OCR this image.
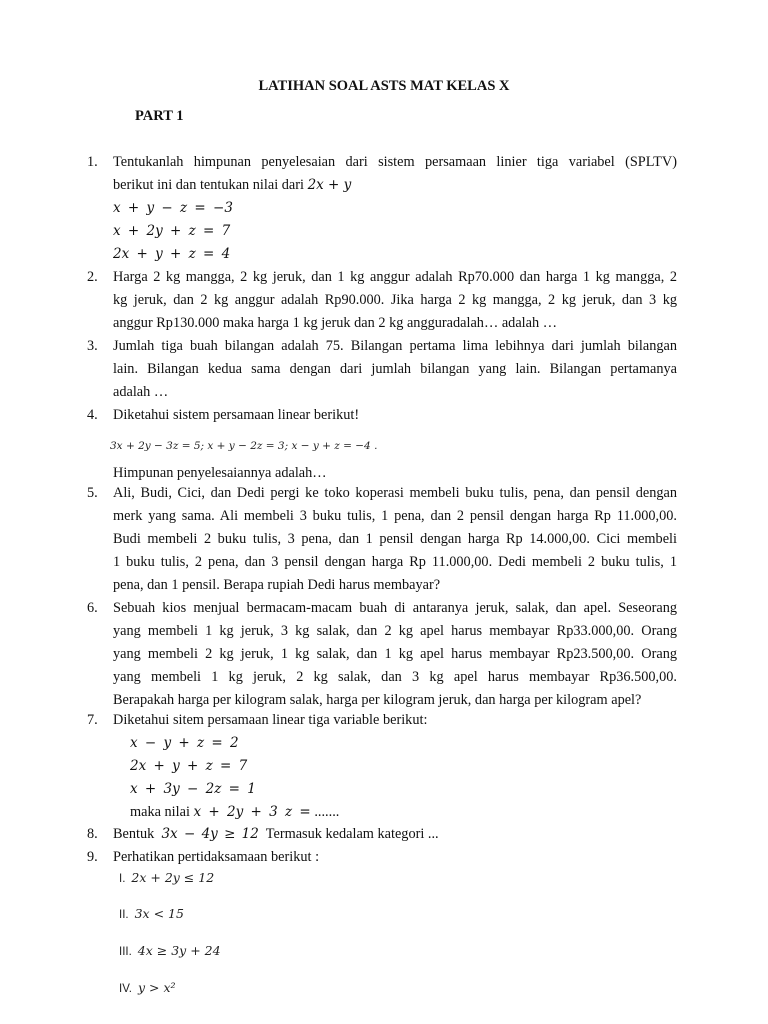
LATIHAN SOAL ASTS MAT KELAS X
PART 1
1.	Tentukanlah himpunan penyelesaian dari sistem persamaan linier tiga variabel (SPLTV)
berikut ini dan tentukan nilai dari 2x + y
x + y − z = −3
x + 2y + z = 7
2x + y + z = 4
2.	Harga 2 kg mangga, 2 kg jeruk, dan 1 kg anggur adalah Rp70.000 dan harga 1 kg mangga, 2
kg jeruk, dan 2 kg anggur adalah Rp90.000. Jika harga 2 kg mangga, 2 kg jeruk, dan 3 kg
anggur Rp130.000 maka harga 1 kg jeruk dan 2 kg angguradalah… adalah …
3.	Jumlah tiga buah bilangan adalah 75. Bilangan pertama lima lebihnya dari jumlah bilangan
lain. Bilangan kedua sama dengan dari jumlah bilangan yang lain. Bilangan pertamanya
adalah …
4.	Diketahui sistem persamaan linear berikut!
3x + 2y − 3z = 5; x + y − 2z = 3; x − y + z = −4 .
Himpunan penyelesaiannya adalah…
5.	Ali, Budi, Cici, dan Dedi pergi ke toko koperasi membeli buku tulis, pena, dan pensil dengan
merk yang sama. Ali membeli 3 buku tulis, 1 pena, dan 2 pensil dengan harga Rp 11.000,00.
Budi membeli 2 buku tulis, 3 pena, dan 1 pensil dengan harga Rp 14.000,00. Cici membeli
1 buku tulis, 2 pena, dan 3 pensil dengan harga Rp 11.000,00. Dedi membeli 2 buku tulis, 1
pena, dan 1 pensil. Berapa rupiah Dedi harus membayar?
6.	Sebuah kios menjual bermacam-macam buah di antaranya jeruk, salak, dan apel. Seseorang
yang membeli 1 kg jeruk, 3 kg salak, dan 2 kg apel harus membayar Rp33.000,00. Orang
yang membeli 2 kg jeruk, 1 kg salak, dan 1 kg apel harus membayar Rp23.500,00. Orang
yang membeli 1 kg jeruk, 2 kg salak, dan 3 kg apel harus membayar Rp36.500,00.
Berapakah harga per kilogram salak, harga per kilogram jeruk, dan harga per kilogram apel?
7.	Diketahui sitem persamaan linear tiga variable berikut:
x − y + z = 2
2x + y + z = 7
x + 3y − 2z = 1
maka nilai x + 2y + 3 z = .......
8.	Bentuk 3x − 4y ≥ 12 Termasuk kedalam kategori ...
9.	Perhatikan pertidaksamaan berikut :
I. 2x + 2y ≤ 12
II. 3x < 15
III. 4x ≥ 3y + 24
IV. y > x²
